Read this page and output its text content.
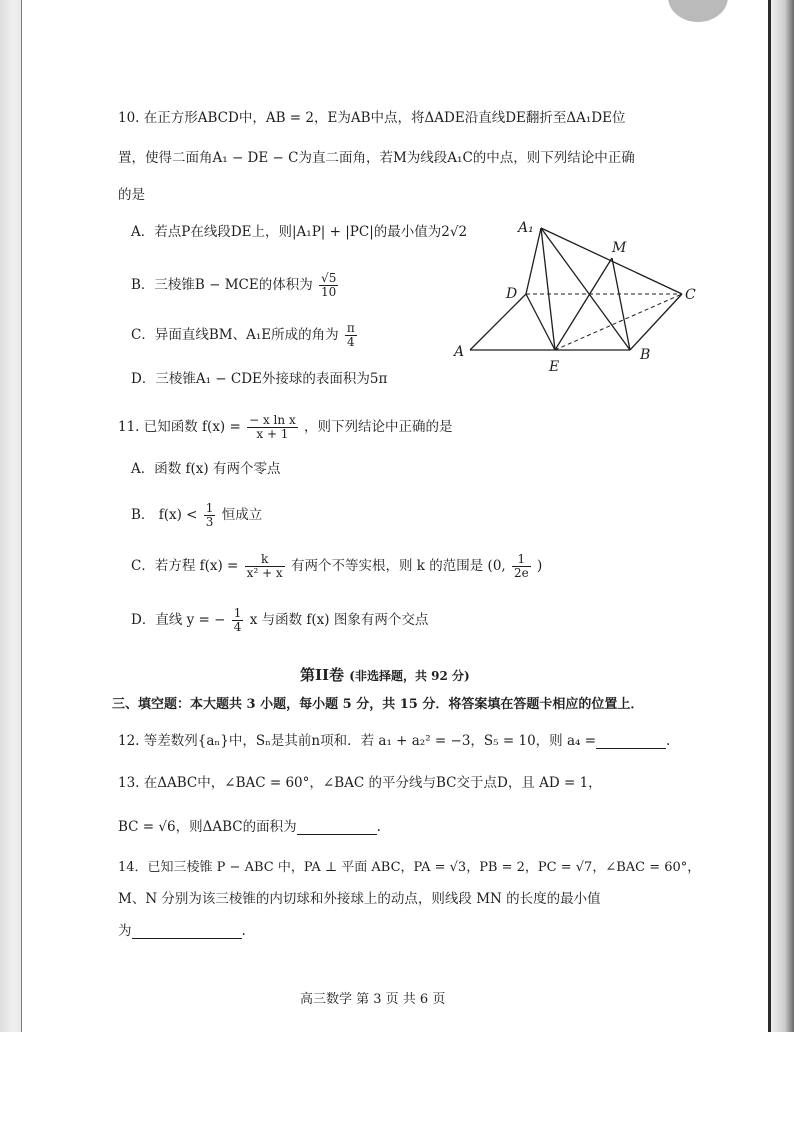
10. 在正方形ABCD中，AB = 2，E为AB中点，将ΔADE沿直线DE翻折至ΔA₁DE位
置，使得二面角A₁ − DE − C为直二面角，若M为线段A₁C的中点，则下列结论中正确
的是
A．若点P在线段DE上，则|A₁P| + |PC|的最小值为2√2
B．三棱锥B − MCE的体积为 $\frac{√5}{10}$
C．异面直线BM、A₁E所成的角为 $\frac{\pi}{4}$
D．三棱锥A₁ − CDE外接球的表面积为5π
A₁
M
D	C
A
E
B
11. 已知函数 $f(x) = \frac{\text{− x ln x}}{x + 1}$ ，则下列结论中正确的是
A．函数 f(x) 有两个零点
B． $f(x) < \frac{1}{3}$ 恒成立
C．若方程 $f(x) = \frac{k}{\text{x² + x}}$ 有两个不等实根，则 k 的范围是 (0, $\frac{1}{2e}$ )
D．直线 y = − $\frac{1}{4}$ x 与函数 f(x) 图象有两个交点
第II卷 (非选择题，共 92 分)
三、填空题：本大题共 3 小题，每小题 5 分，共 15 分．将答案填在答题卡相应的位置上．
12. 等差数列{aₙ}中，Sₙ是其前n项和．若 a₁ + a₂² = −3，S₅ = 10，则 a₄ =	.
13. 在ΔABC中，∠BAC = 60°，∠BAC 的平分线与BC交于点D，且 AD = 1，
BC = √6，则ΔABC的面积为	.
14．已知三棱锥 P − ABC 中，PA ⊥ 平面 ABC，PA = √3，PB = 2，PC = √7，∠BAC = 60°，
M、N 分别为该三棱锥的内切球和外接球上的动点，则线段 MN 的长度的最小值
为	.
高三数学 第 3 页 共 6 页
